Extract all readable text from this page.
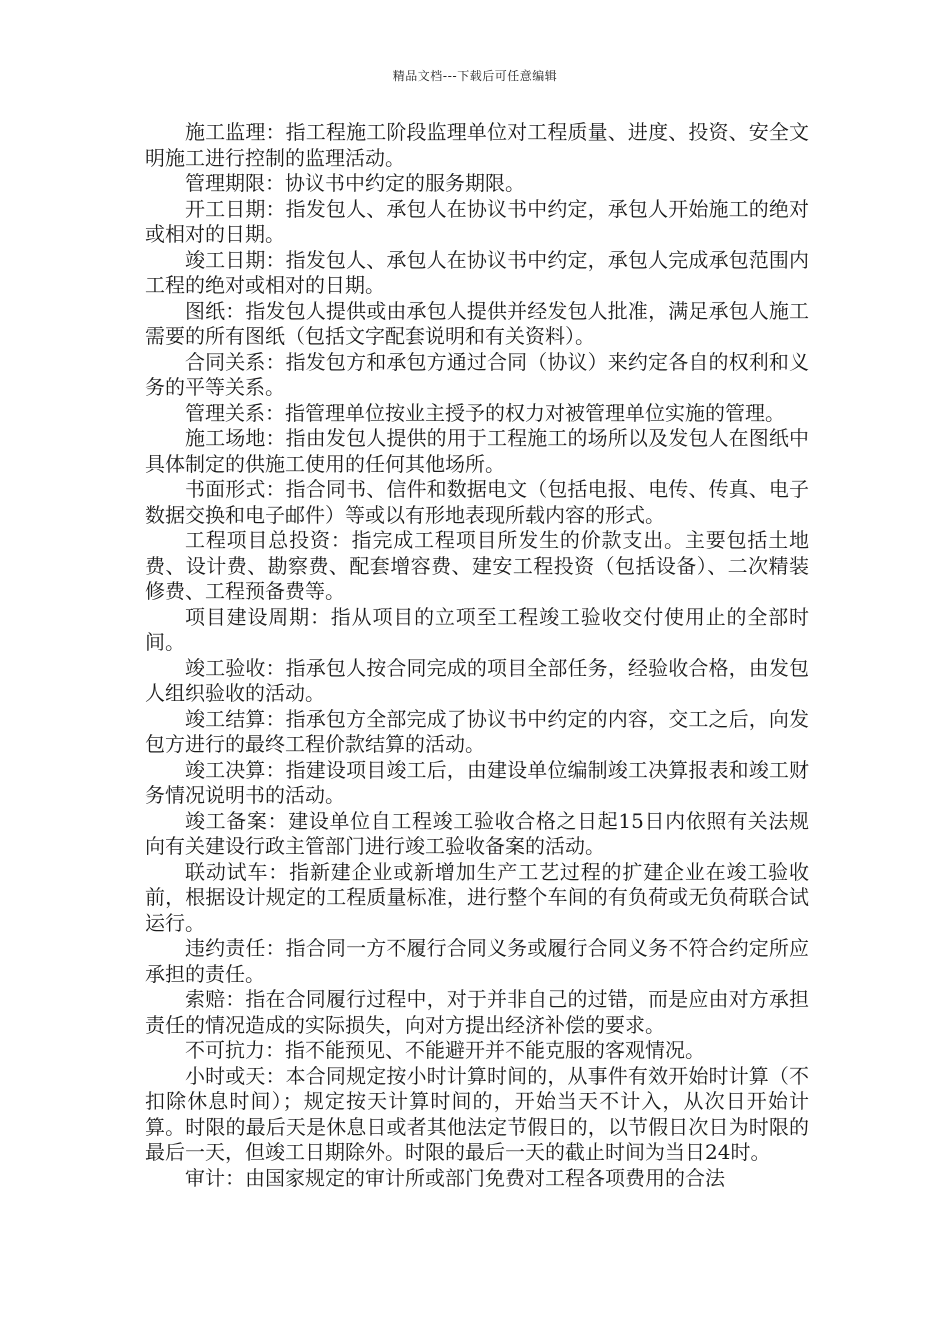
精品文档---下载后可任意编辑

施工监理：指工程施工阶段监理单位对工程质量、进度、投资、安全文明施工进行控制的监理活动。

管理期限：协议书中约定的服务期限。

开工日期：指发包人、承包人在协议书中约定，承包人开始施工的绝对或相对的日期。

竣工日期：指发包人、承包人在协议书中约定，承包人完成承包范围内工程的绝对或相对的日期。

图纸：指发包人提供或由承包人提供并经发包人批准，满足承包人施工需要的所有图纸（包括文字配套说明和有关资料）。

合同关系：指发包方和承包方通过合同（协议）来约定各自的权利和义务的平等关系。

管理关系：指管理单位按业主授予的权力对被管理单位实施的管理。

施工场地：指由发包人提供的用于工程施工的场所以及发包人在图纸中具体制定的供施工使用的任何其他场所。

书面形式：指合同书、信件和数据电文（包括电报、电传、传真、电子数据交换和电子邮件）等或以有形地表现所载内容的形式。

工程项目总投资：指完成工程项目所发生的价款支出。主要包括土地费、设计费、勘察费、配套增容费、建安工程投资（包括设备）、二次精装修费、工程预备费等。

项目建设周期：指从项目的立项至工程竣工验收交付使用止的全部时间。

竣工验收：指承包人按合同完成的项目全部任务，经验收合格，由发包人组织验收的活动。

竣工结算：指承包方全部完成了协议书中约定的内容，交工之后，向发包方进行的最终工程价款结算的活动。

竣工决算：指建设项目竣工后，由建设单位编制竣工决算报表和竣工财务情况说明书的活动。

竣工备案：建设单位自工程竣工验收合格之日起15日内依照有关法规向有关建设行政主管部门进行竣工验收备案的活动。

联动试车：指新建企业或新增加生产工艺过程的扩建企业在竣工验收前，根据设计规定的工程质量标准，进行整个车间的有负荷或无负荷联合试运行。

违约责任：指合同一方不履行合同义务或履行合同义务不符合约定所应承担的责任。

索赔：指在合同履行过程中，对于并非自己的过错，而是应由对方承担责任的情况造成的实际损失，向对方提出经济补偿的要求。

不可抗力：指不能预见、不能避开并不能克服的客观情况。

小时或天：本合同规定按小时计算时间的，从事件有效开始时计算（不扣除休息时间）；规定按天计算时间的，开始当天不计入，从次日开始计算。时限的最后天是休息日或者其他法定节假日的，以节假日次日为时限的最后一天，但竣工日期除外。时限的最后一天的截止时间为当日24时。

审计：由国家规定的审计所或部门免费对工程各项费用的合法
